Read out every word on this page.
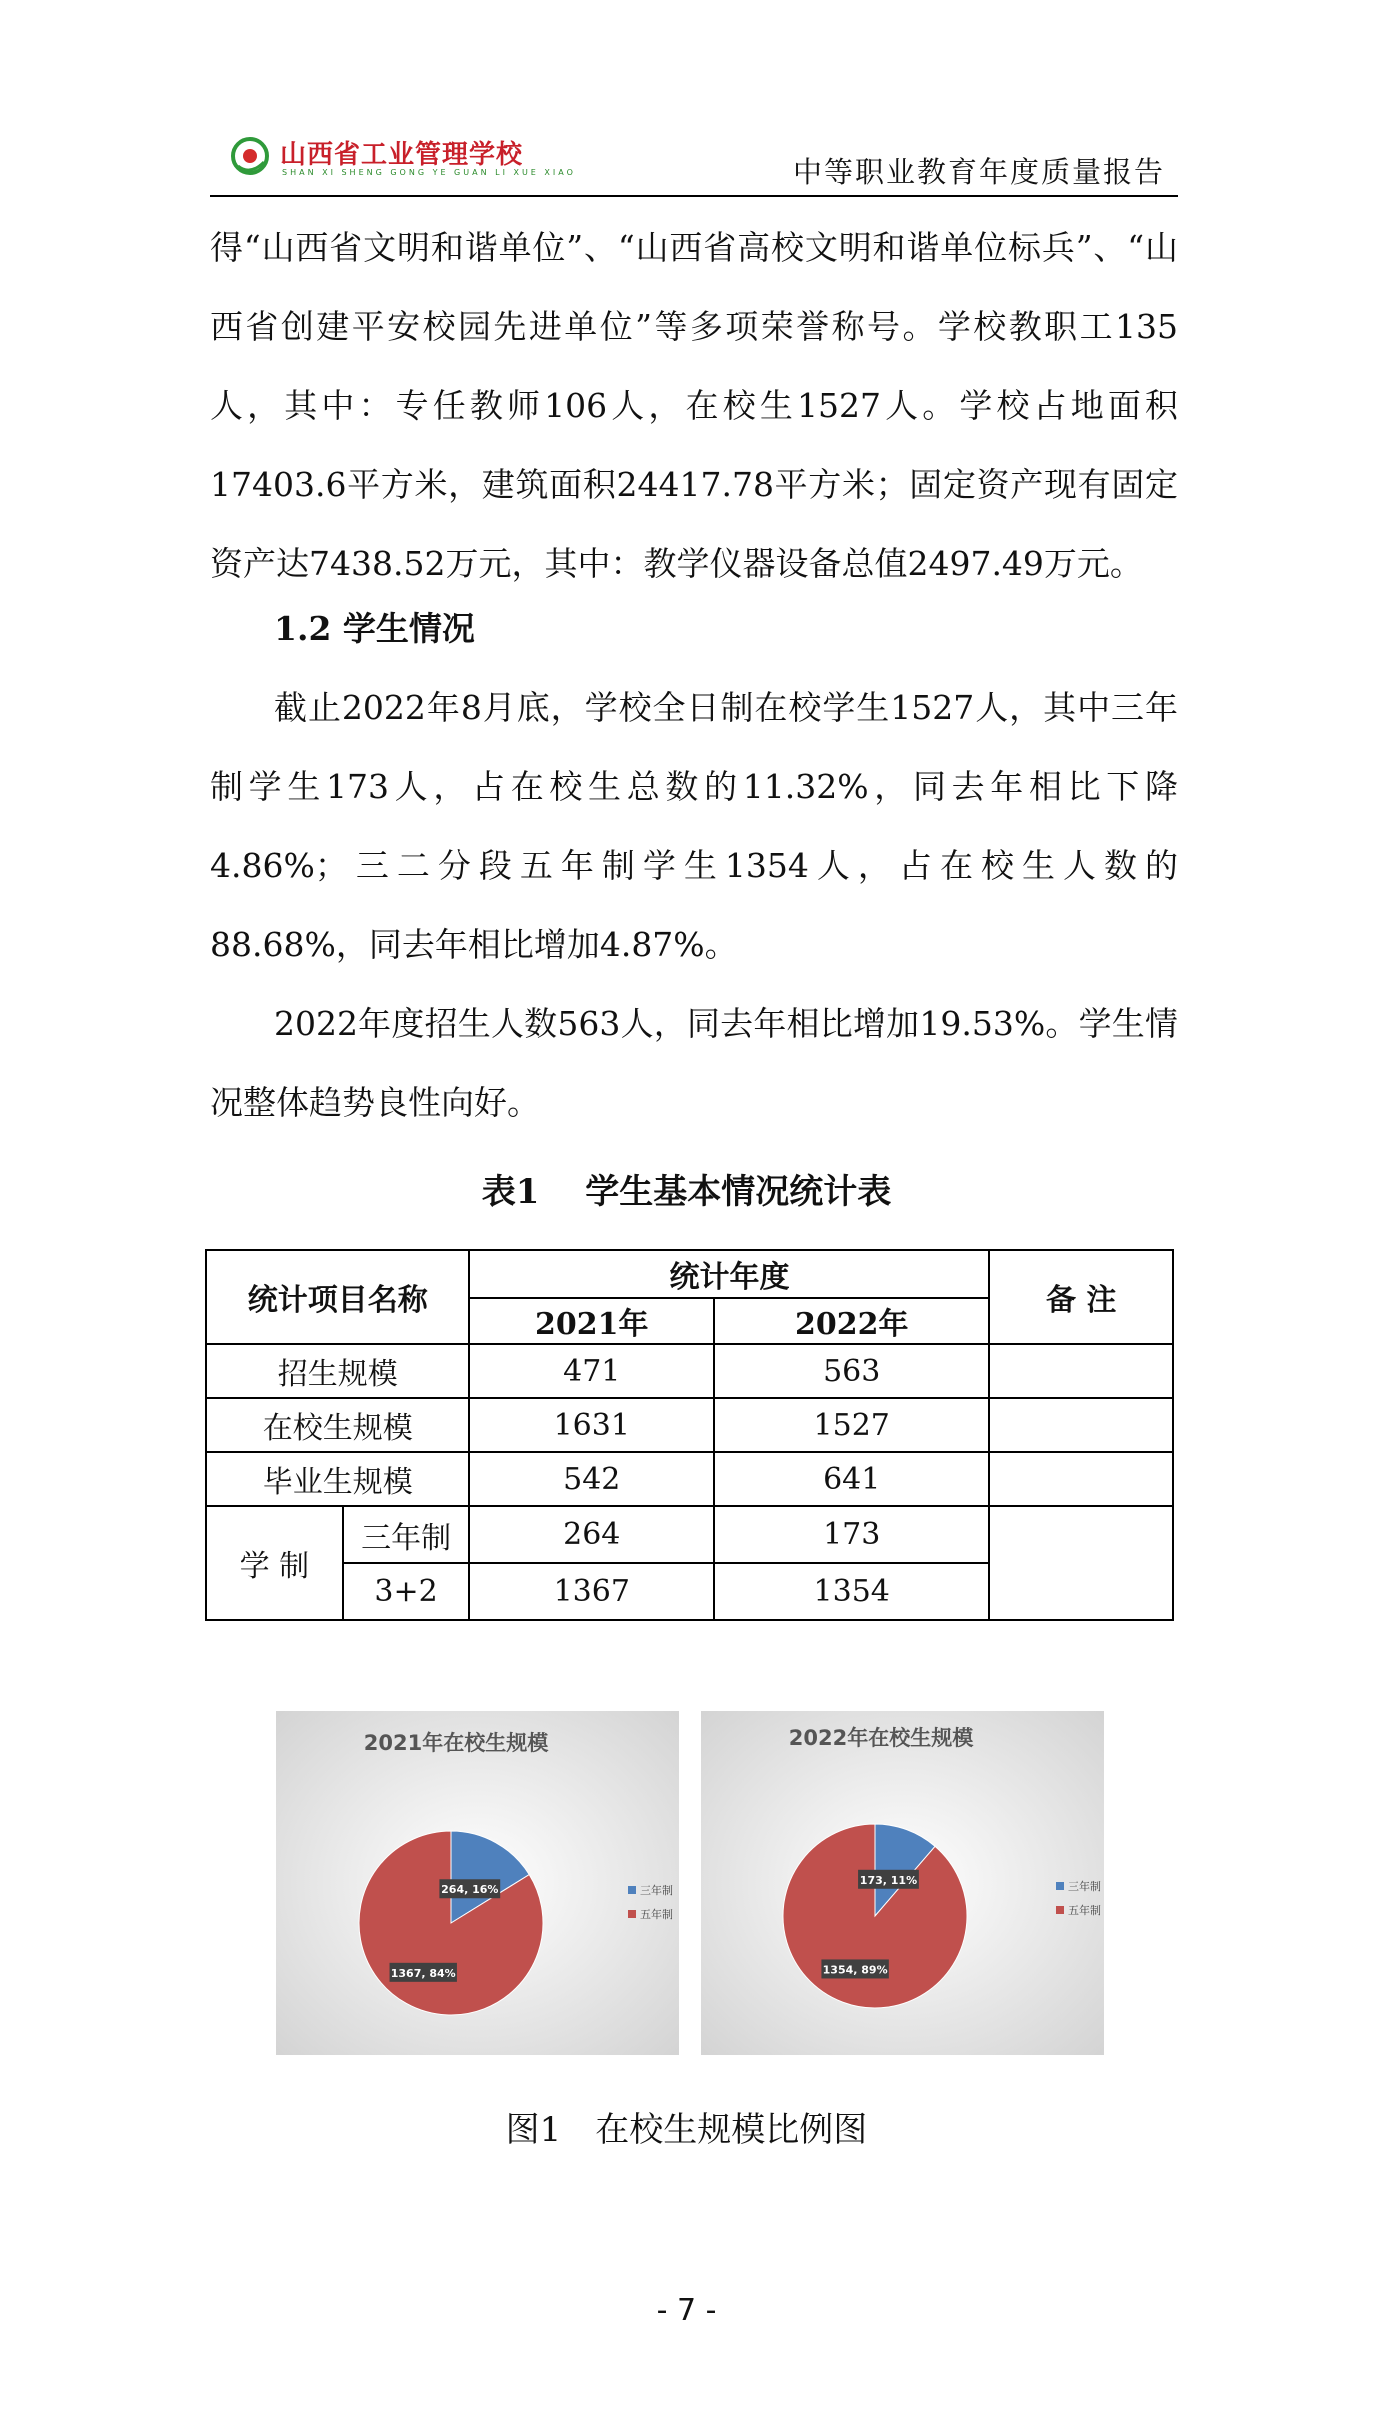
山西省工业管理学校
SHAN XI SHENG GONG YE GUAN LI XUE XIAO	中等职业教育年度质量报告

得“山西省文明和谐单位”、“山西省高校文明和谐单位标兵”、“山西省创建平安校园先进单位”等多项荣誉称号。学校教职工135人，其中：专任教师106人，在校生1527人。学校占地面积17403.6平方米，建筑面积24417.78平方米；固定资产现有固定资产达7438.52万元，其中：教学仪器设备总值2497.49万元。

1.2 学生情况

截止2022年8月底，学校全日制在校学生1527人，其中三年制学生173人，占在校生总数的11.32%，同去年相比下降4.86%；三二分段五年制学生1354人，占在校生人数的88.68%，同去年相比增加4.87%。

2022年度招生人数563人，同去年相比增加19.53%。学生情况整体趋势良性向好。

表1　 学生基本情况统计表
统计项目名称		统计年度		备 注
		2021年	2022年	
招生规模		471	563	
在校生规模		1631	1527	
毕业生规模		542	641	
学 制	三年制	264	173	
	3+2	1367	1354	
2021年在校生规模
264, 16%
1367, 84%
三年制
五年制
2022年在校生规模
173, 11%
1354, 89%
三年制
五年制
图1　在校生规模比例图
- 7 -
